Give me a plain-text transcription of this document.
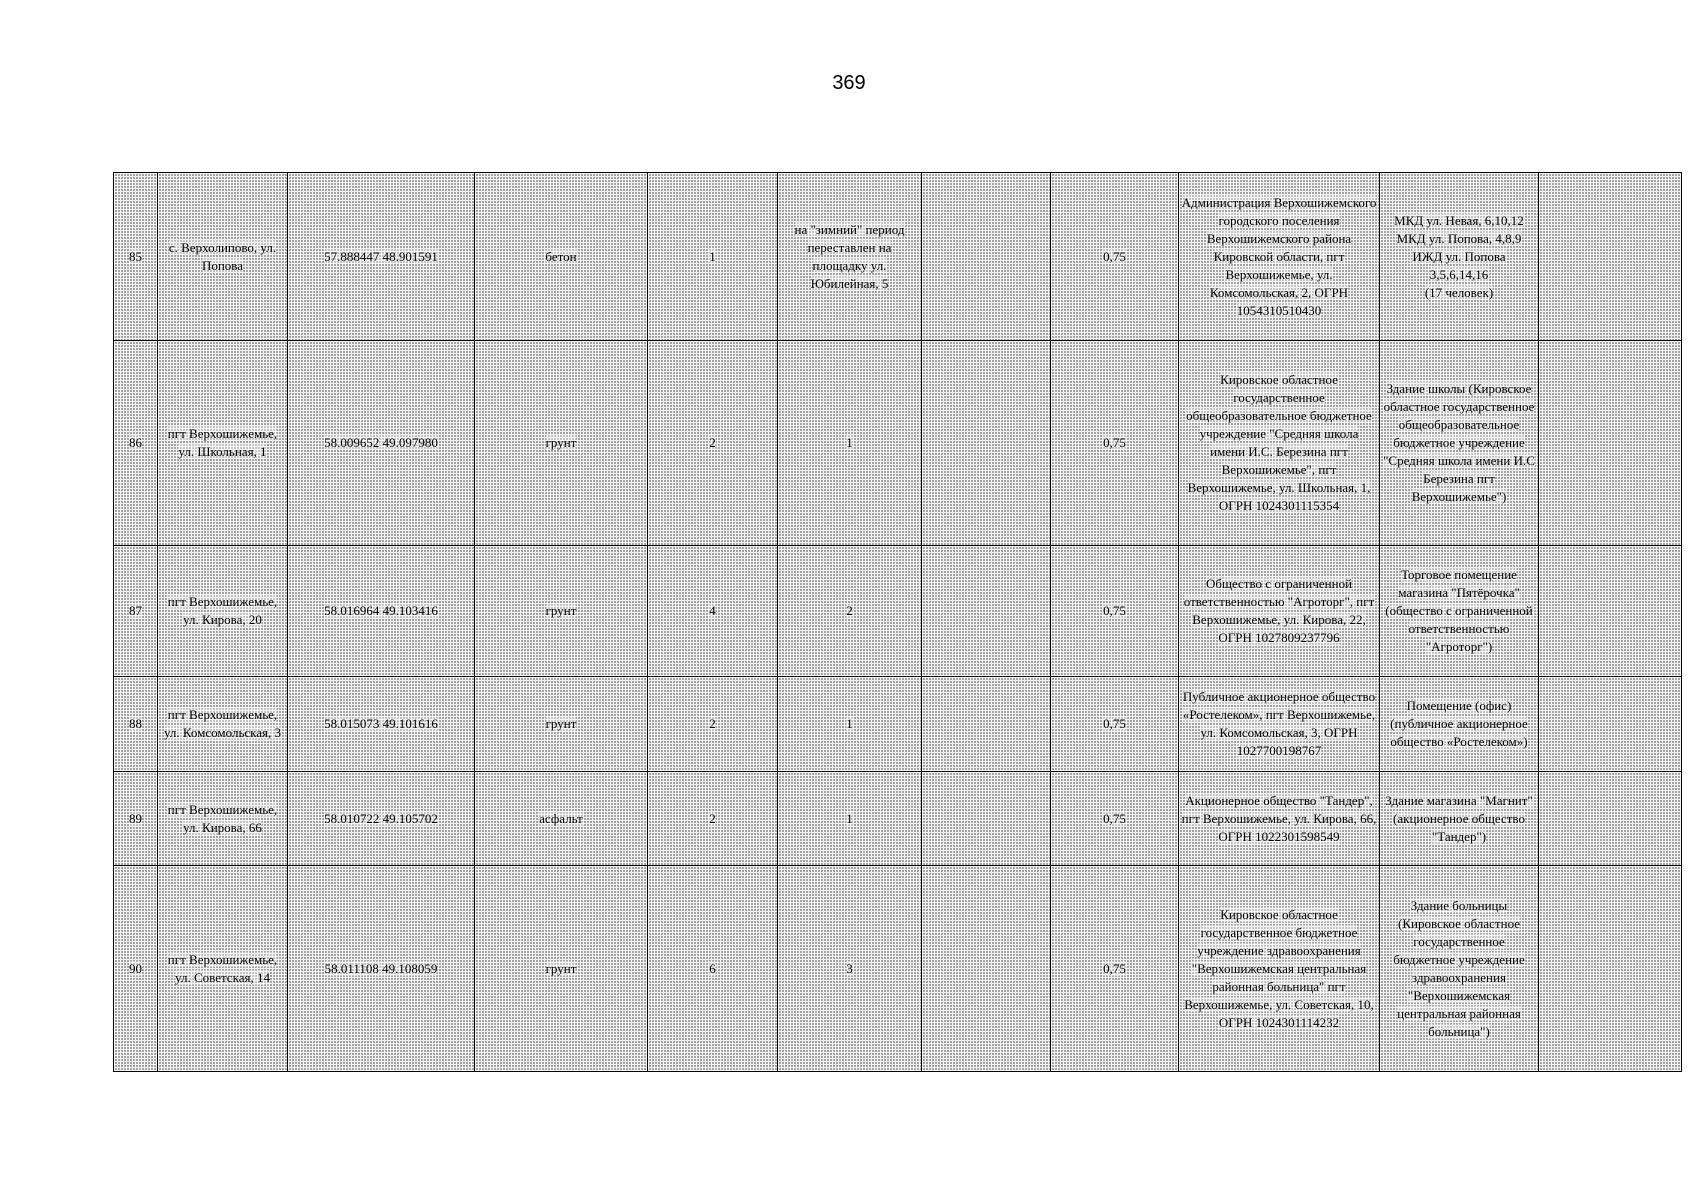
369
85	с. Верхолипово, ул. Попова	57.888447 48.901591	бетон	1	на "зимний" период переставлен на площадку ул. Юбилейная, 5		0,75	Администрация Верхошижемского городского поселения Верхошижемского района Кировской области, пгт Верхошижемье, ул. Комсомольская, 2, ОГРН 1054310510430	МКД ул. Невая, 6,10,12
МКД ул. Попова, 4,8,9
ИЖД ул. Попова 3,5,6,14,16
(17 человек)	
86	пгт Верхошижемье, ул. Школьная, 1	58.009652 49.097980	грунт	2	1		0,75	Кировское областное государственное общеобразовательное бюджетное учреждение "Средняя школа имени И.С. Березина пгт Верхошижемье", пгт Верхошижемье, ул. Школьная, 1, ОГРН 1024301115354	Здание школы (Кировское областное государственное общеобразовательное бюджетное учреждение "Средняя школа имени И.С Березина пгт Верхошижемье")	
87	пгт Верхошижемье, ул. Кирова, 20	58.016964 49.103416	грунт	4	2		0,75	Общество с ограниченной ответственностью "Агроторг", пгт Верхошижемье, ул. Кирова, 22, ОГРН 1027809237796	Торговое помещение магазина "Пятёрочка"(общество с ограниченной ответственностью "Агроторг")	
88	пгт Верхошижемье, ул. Комсомольская, 3	58.015073 49.101616	грунт	2	1		0,75	Публичное акционерное общество «Ростелеком», пгт Верхошижемье, ул. Комсомольская, 3, ОГРН 1027700198767	Помещение (офис) (публичное акционерное общество «Ростелеком»)	
89	пгт Верхошижемье, ул. Кирова, 66	58.010722 49.105702	асфальт	2	1		0,75	Акционерное общество "Тандер", пгт Верхошижемье, ул. Кирова, 66, ОГРН 1022301598549	Здание магазина "Магнит"(акционерное общество "Тандер")	
90	пгт Верхошижемье, ул. Советская, 14	58.011108 49.108059	грунт	6	3		0,75	Кировское областное государственное бюджетное учреждение здравоохранения "Верхошижемская центральная районная больница" пгт Верхошижемье, ул. Советская, 10, ОГРН 1024301114232	Здание больницы (Кировское областное государственное бюджетное учреждение здравоохранения "Верхошижемская центральная районная больница")	
